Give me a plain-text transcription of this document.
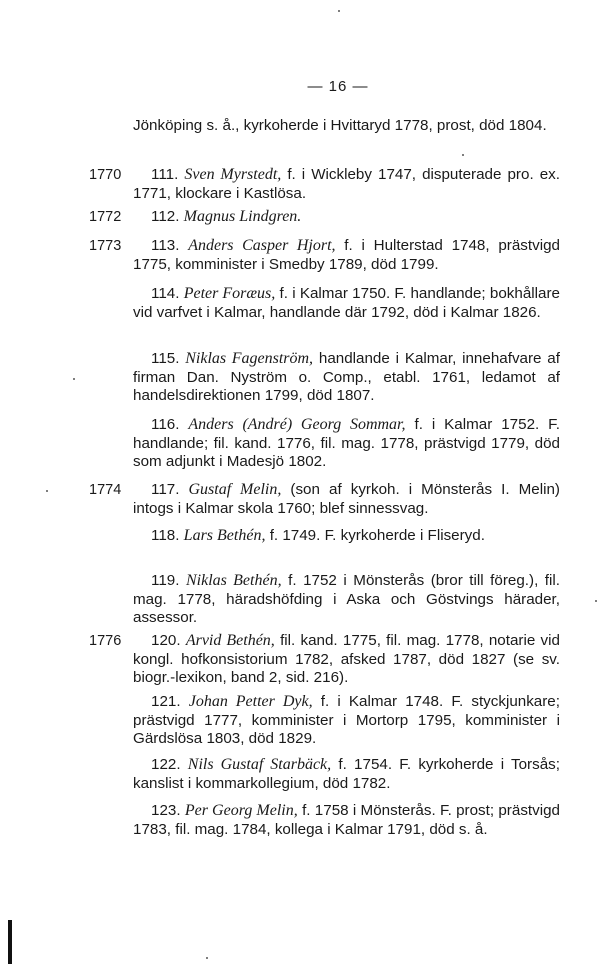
— 16 —

Jönköping s. å., kyrkoherde i Hvittaryd 1778, prost, död 1804.

1770	111. Sven Myrstedt, f. i Wickleby 1747, disputerade pro. ex. 1771, klockare i Kastlösa.

1772	112. Magnus Lindgren.

1773	113. Anders Casper Hjort, f. i Hulterstad 1748, prästvigd 1775, komminister i Smedby 1789, död 1799.

114. Peter Foræus, f. i Kalmar 1750. F. handlande; bokhållare vid varfvet i Kalmar, handlande där 1792, död i Kalmar 1826.

115. Niklas Fagenström, handlande i Kalmar, innehafvare af firman Dan. Nyström o. Comp., etabl. 1761, ledamot af handelsdirektionen 1799, död 1807.

116. Anders (André) Georg Sommar, f. i Kalmar 1752. F. handlande; fil. kand. 1776, fil. mag. 1778, prästvigd 1779, död som adjunkt i Madesjö 1802.

1774	117. Gustaf Melin, (son af kyrkoh. i Mönsterås I. Melin) intogs i Kalmar skola 1760; blef sinnessvag.

118. Lars Bethén, f. 1749. F. kyrkoherde i Fliseryd.

119. Niklas Bethén, f. 1752 i Mönsterås (bror till föreg.), fil. mag. 1778, häradshöfding i Aska och Göstvings härader, assessor.

1776	120. Arvid Bethén, fil. kand. 1775, fil. mag. 1778, notarie vid kongl. hofkonsistorium 1782, afsked 1787, död 1827 (se sv. biogr.-lexikon, band 2, sid. 216).

121. Johan Petter Dyk, f. i Kalmar 1748. F. styckjunkare; prästvigd 1777, komminister i Mortorp 1795, komminister i Gärdslösa 1803, död 1829.

122. Nils Gustaf Starbäck, f. 1754. F. kyrkoherde i Torsås; kanslist i kommarkollegium, död 1782.

123. Per Georg Melin, f. 1758 i Mönsterås. F. prost; prästvigd 1783, fil. mag. 1784, kollega i Kalmar 1791, död s. å.
